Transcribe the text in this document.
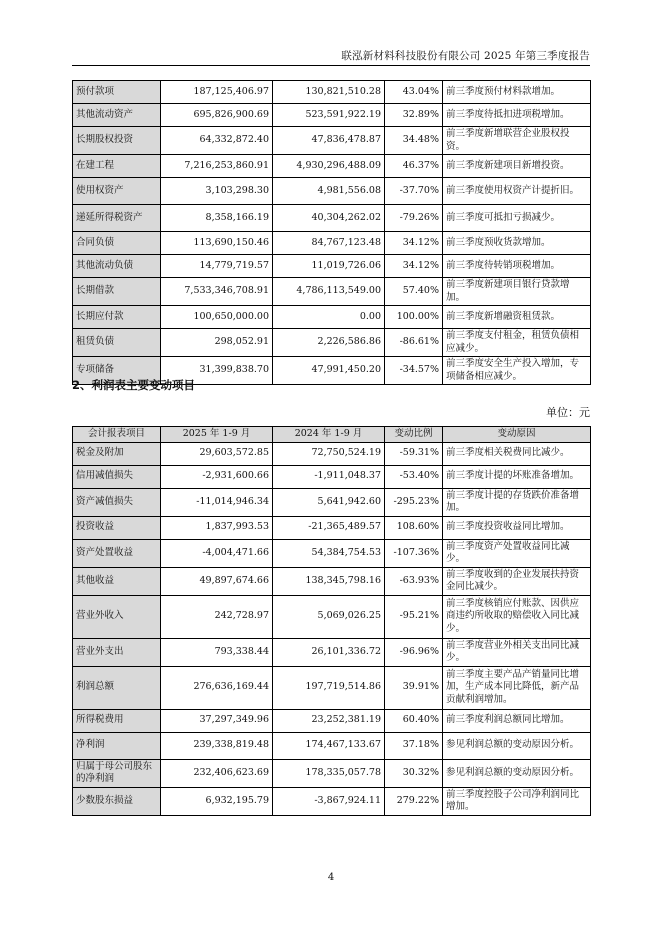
联泓新材料科技股份有限公司 2025 年第三季度报告
预付款项	187,125,406.97	130,821,510.28	43.04%	前三季度预付材料款增加。
其他流动资产	695,826,900.69	523,591,922.19	32.89%	前三季度待抵扣进项税增加。
长期股权投资	64,332,872.40	47,836,478.87	34.48%	前三季度新增联营企业股权投资。
在建工程	7,216,253,860.91	4,930,296,488.09	46.37%	前三季度新建项目新增投资。
使用权资产	3,103,298.30	4,981,556.08	-37.70%	前三季度使用权资产计提折旧。
递延所得税资产	8,358,166.19	40,304,262.02	-79.26%	前三季度可抵扣亏损减少。
合同负债	113,690,150.46	84,767,123.48	34.12%	前三季度预收货款增加。
其他流动负债	14,779,719.57	11,019,726.06	34.12%	前三季度待转销项税增加。
长期借款	7,533,346,708.91	4,786,113,549.00	57.40%	前三季度新建项目银行贷款增加。
长期应付款	100,650,000.00	0.00	100.00%	前三季度新增融资租赁款。
租赁负债	298,052.91	2,226,586.86	-86.61%	前三季度支付租金，租赁负债相应减少。
专项储备	31,399,838.70	47,991,450.20	-34.57%	前三季度安全生产投入增加，专项储备相应减少。
2、利润表主要变动项目
单位：元
会计报表项目	2025 年 1-9 月	2024 年 1-9 月	变动比例	变动原因
税金及附加	29,603,572.85	72,750,524.19	-59.31%	前三季度相关税费同比减少。
信用减值损失	-2,931,600.66	-1,911,048.37	-53.40%	前三季度计提的坏账准备增加。
资产减值损失	-11,014,946.34	5,641,942.60	-295.23%	前三季度计提的存货跌价准备增加。
投资收益	1,837,993.53	-21,365,489.57	108.60%	前三季度投资收益同比增加。
资产处置收益	-4,004,471.66	54,384,754.53	-107.36%	前三季度资产处置收益同比减少。
其他收益	49,897,674.66	138,345,798.16	-63.93%	前三季度收到的企业发展扶持资金同比减少。
营业外收入	242,728.97	5,069,026.25	-95.21%	前三季度核销应付账款、因供应商违约所收取的赔偿收入同比减少。
营业外支出	793,338.44	26,101,336.72	-96.96%	前三季度营业外相关支出同比减少。
利润总额	276,636,169.44	197,719,514.86	39.91%	前三季度主要产品产销量同比增加，生产成本同比降低，新产品贡献利润增加。
所得税费用	37,297,349.96	23,252,381.19	60.40%	前三季度利润总额同比增加。
净利润	239,338,819.48	174,467,133.67	37.18%	参见利润总额的变动原因分析。
归属于母公司股东的净利润	232,406,623.69	178,335,057.78	30.32%	参见利润总额的变动原因分析。
少数股东损益	6,932,195.79	-3,867,924.11	279.22%	前三季度控股子公司净利润同比增加。
4
